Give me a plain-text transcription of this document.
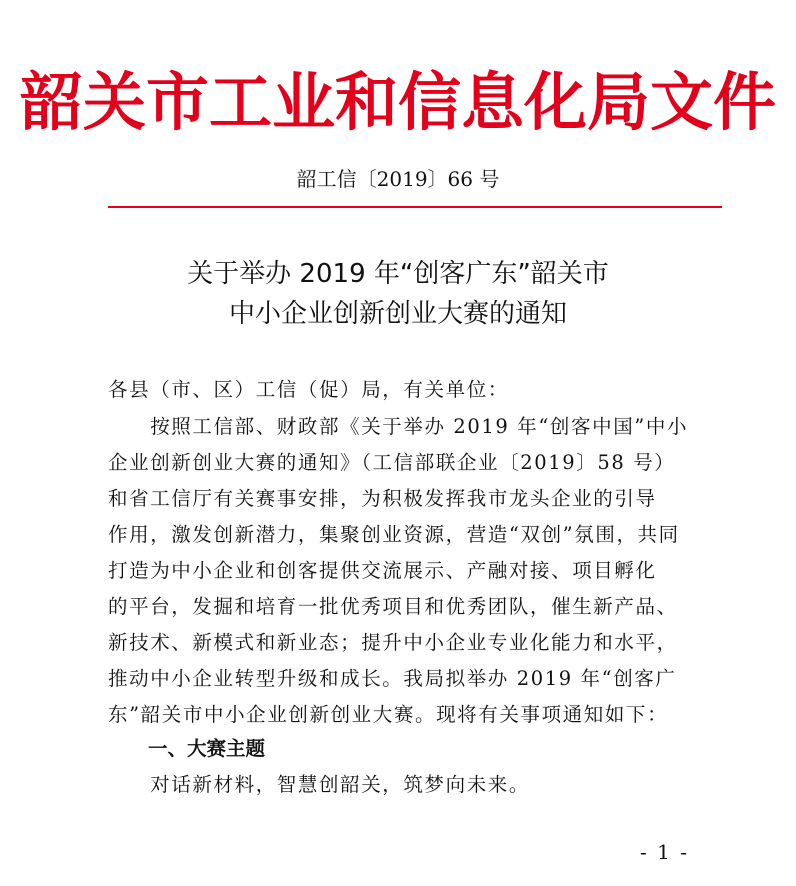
韶关市工业和信息化局文件
韶工信〔2019〕66 号
关于举办 2019 年“创客广东”韶关市
中小企业创新创业大赛的通知
各县（市、区）工信（促）局，有关单位：
　　按照工信部、财政部《关于举办 2019 年“创客中国”中小
企业创新创业大赛的通知》（工信部联企业〔2019〕58 号）
和省工信厅有关赛事安排，为积极发挥我市龙头企业的引导
作用，激发创新潜力，集聚创业资源，营造“双创”氛围，共同
打造为中小企业和创客提供交流展示、产融对接、项目孵化
的平台，发掘和培育一批优秀项目和优秀团队，催生新产品、
新技术、新模式和新业态；提升中小企业专业化能力和水平，
推动中小企业转型升级和成长。我局拟举办 2019 年“创客广
东”韶关市中小企业创新创业大赛。现将有关事项通知如下：
一、大赛主题
　　对话新材料，智慧创韶关，筑梦向未来。
- 1 -
